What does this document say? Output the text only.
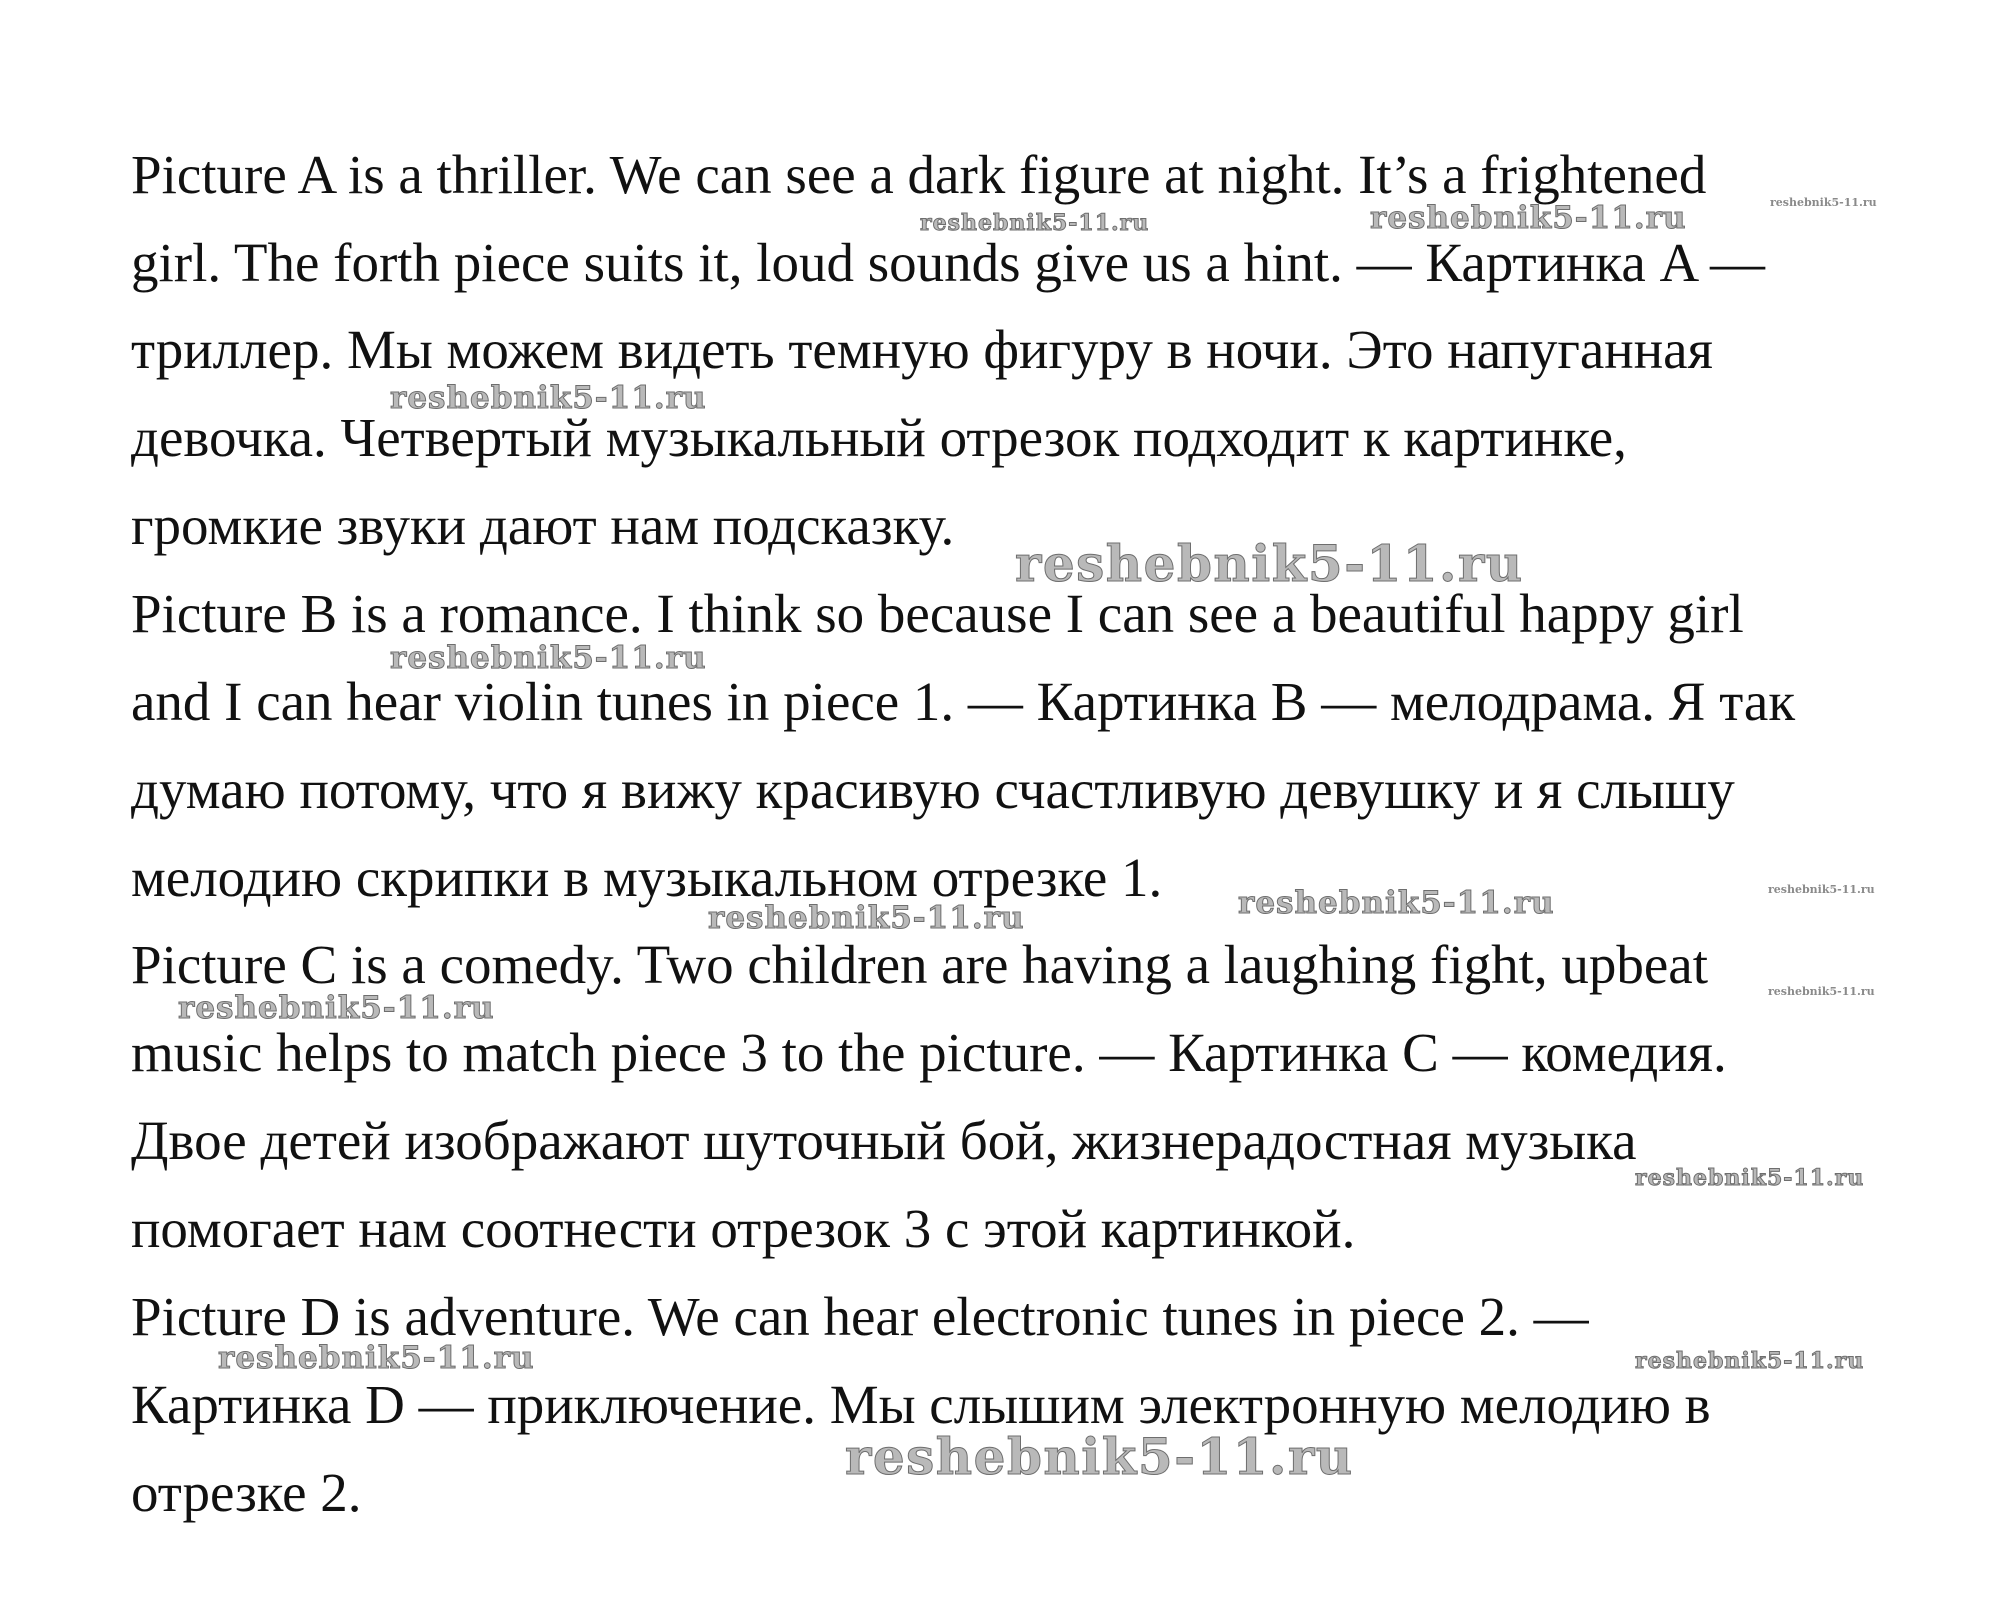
Picture A is a thriller. We can see a dark figure at night. It’s a frightened

girl. The forth piece suits it, loud sounds give us a hint. — Картинка A —

триллер. Мы можем видеть темную фигуру в ночи. Это напуганная

девочка. Четвертый музыкальный отрезок подходит к картинке,

громкие звуки дают нам подсказку.

Picture B is a romance. I think so because I can see a beautiful happy girl

and I can hear violin tunes in piece 1. — Картинка B — мелодрама. Я так

думаю потому, что я вижу красивую счастливую девушку и я слышу

мелодию скрипки в музыкальном отрезке 1.

Picture C is a comedy. Two children are having a laughing fight, upbeat

music helps to match piece 3 to the picture. — Картинка C — комедия.

Двое детей изображают шуточный бой, жизнерадостная музыка

помогает нам соотнести отрезок 3 с этой картинкой.

Picture D is adventure. We can hear electronic tunes in piece 2. —

Картинка D — приключение. Мы слышим электронную мелодию в

отрезке 2.

reshebnik5-11.ru	reshebnik5-11.ru	reshebnik5-11.ru
reshebnik5-11.ru
reshebnik5-11.ru
reshebnik5-11.ru
reshebnik5-11.ru	reshebnik5-11.ru
reshebnik5-11.ru
reshebnik5-11.ru
reshebnik5-11.ru
reshebnik5-11.ru
reshebnik5-11.ru	reshebnik5-11.ru
reshebnik5-11.ru
